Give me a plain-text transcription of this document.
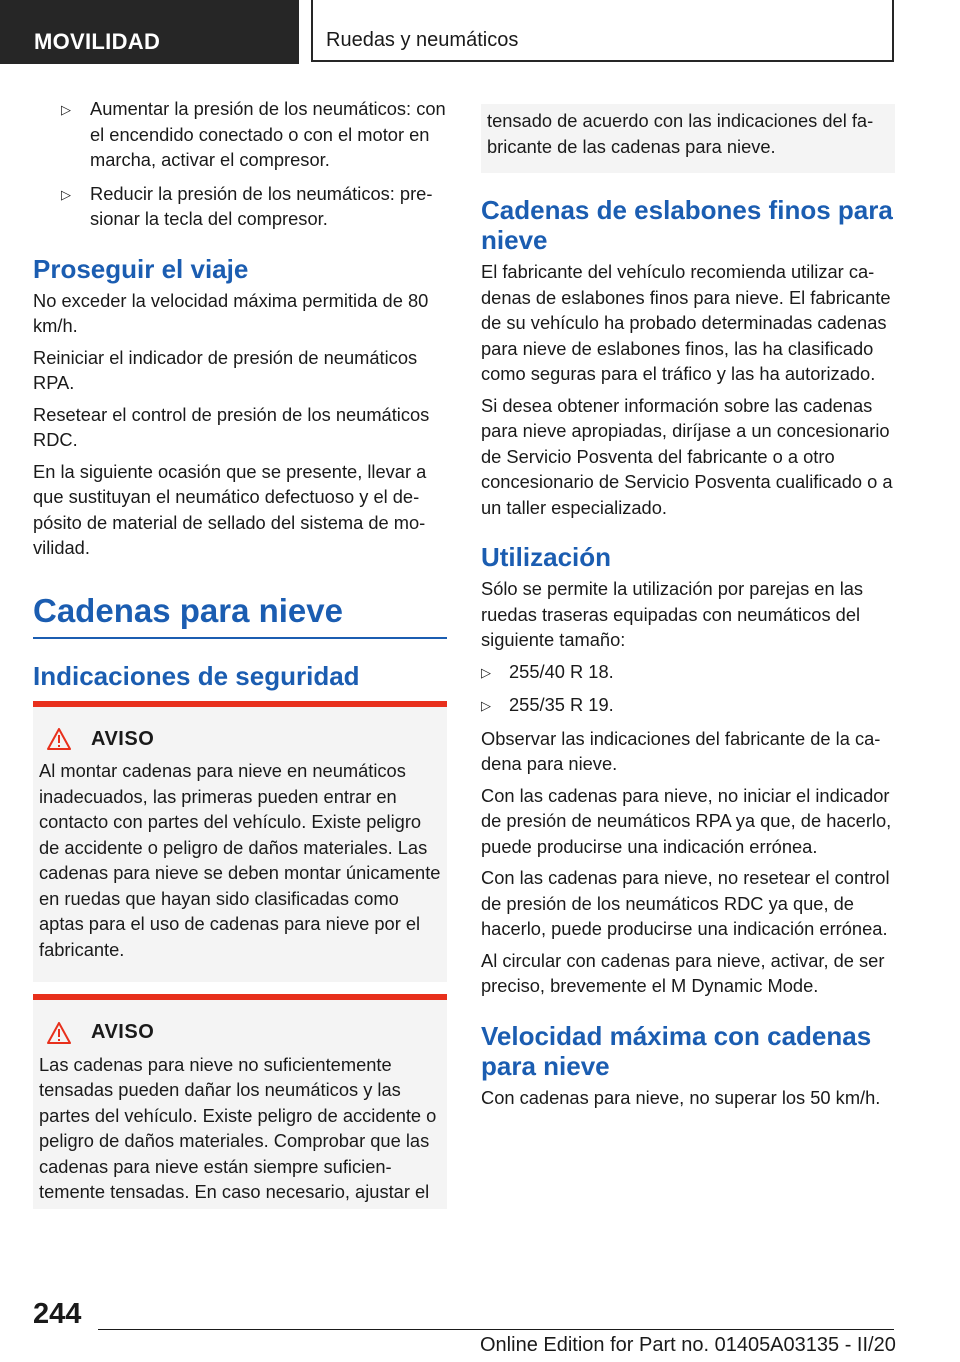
MOVILIDAD	Ruedas y neumáticos
▷ Aumentar la presión de los neumáticos: con el encendido conectado o con el motor en marcha, activar el compresor.
▷ Reducir la presión de los neumáticos: presionar la tecla del compresor.
Proseguir el viaje

No exceder la velocidad máxima permitida de 80 km/h.

Reiniciar el indicador de presión de neumáticos RPA.

Resetear el control de presión de los neumáticos RDC.

En la siguiente ocasión que se presente, llevar a que sustituyan el neumático defectuoso y el depósito de material de sellado del sistema de movilidad.

Cadenas para nieve
Indicaciones de seguridad
AVISO

Al montar cadenas para nieve en neumáticos inadecuados, las primeras pueden entrar en contacto con partes del vehículo. Existe peligro de accidente o peligro de daños materiales. Las cadenas para nieve se deben montar únicamente en ruedas que hayan sido clasificadas como aptas para el uso de cadenas para nieve por el fabricante.

AVISO

Las cadenas para nieve no suficientemente tensadas pueden dañar los neumáticos y las partes del vehículo. Existe peligro de accidente o peligro de daños materiales. Comprobar que las cadenas para nieve están siempre suficientemente tensadas. En caso necesario, ajustar el

tensado de acuerdo con las indicaciones del fabricante de las cadenas para nieve.

Cadenas de eslabones finos para nieve

El fabricante del vehículo recomienda utilizar cadenas de eslabones finos para nieve. El fabricante de su vehículo ha probado determinadas cadenas para nieve de eslabones finos, las ha clasificado como seguras para el tráfico y las ha autorizado.

Si desea obtener información sobre las cadenas para nieve apropiadas, diríjase a un concesionario de Servicio Posventa del fabricante o a otro concesionario de Servicio Posventa cualificado o a un taller especializado.

Utilización

Sólo se permite la utilización por parejas en las ruedas traseras equipadas con neumáticos del siguiente tamaño:

▷ 255/40 R 18.
▷ 255/35 R 19.

Observar las indicaciones del fabricante de la cadena para nieve.

Con las cadenas para nieve, no iniciar el indicador de presión de neumáticos RPA ya que, de hacerlo, puede producirse una indicación errónea.

Con las cadenas para nieve, no resetear el control de presión de los neumáticos RDC ya que, de hacerlo, puede producirse una indicación errónea.

Al circular con cadenas para nieve, activar, de ser preciso, brevemente el M Dynamic Mode.

Velocidad máxima con cadenas para nieve

Con cadenas para nieve, no superar los 50 km/h.

244
Online Edition for Part no. 01405A03135 - II/20
